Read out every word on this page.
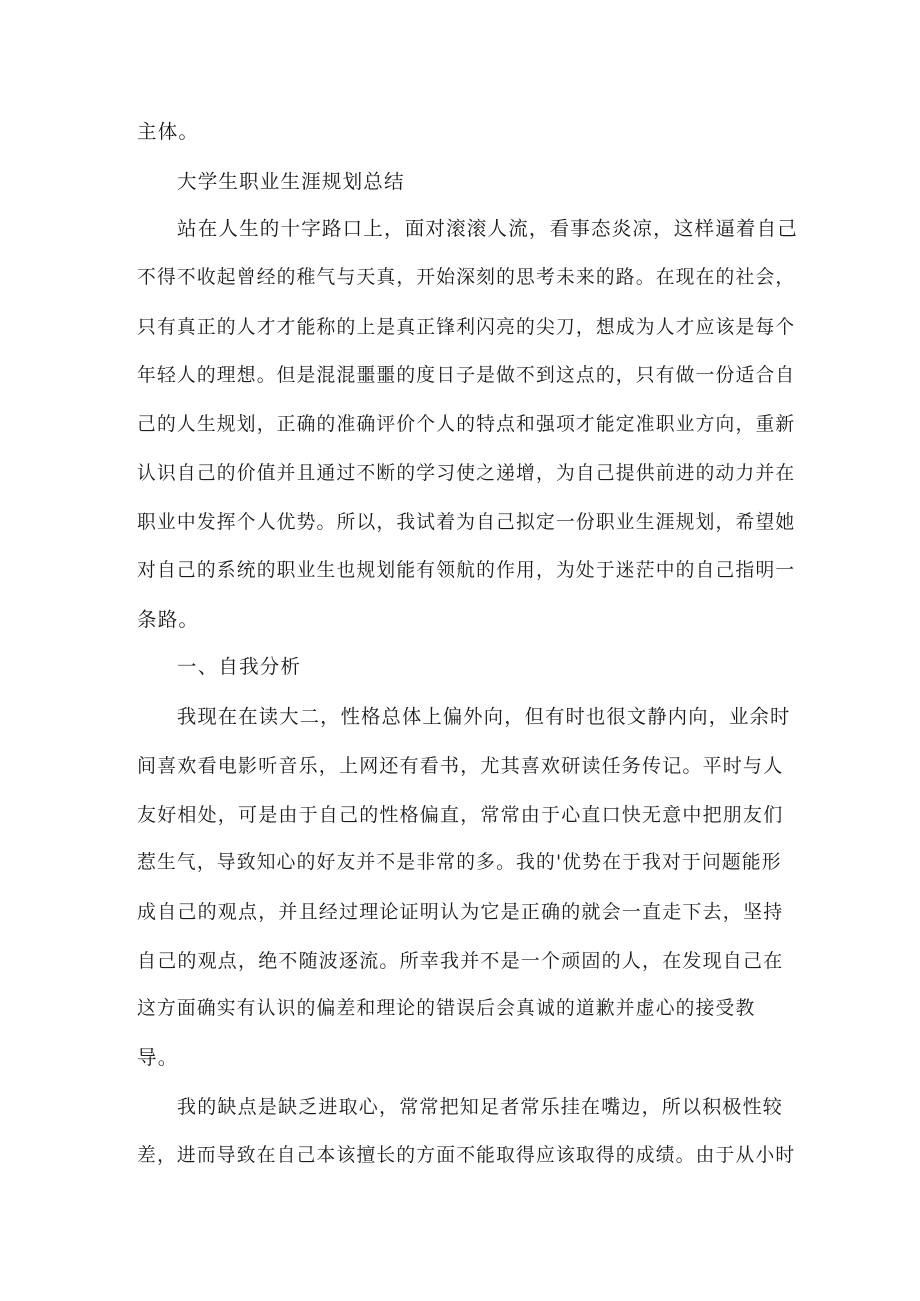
主体。
大学生职业生涯规划总结
站在人生的十字路口上，面对滚滚人流，看事态炎凉，这样逼着自己
不得不收起曾经的稚气与天真，开始深刻的思考未来的路。在现在的社会，
只有真正的人才才能称的上是真正锋利闪亮的尖刀，想成为人才应该是每个
年轻人的理想。但是混混噩噩的度日子是做不到这点的，只有做一份适合自
己的人生规划，正确的准确评价个人的特点和强项才能定准职业方向，重新
认识自己的价值并且通过不断的学习使之递增，为自己提供前进的动力并在
职业中发挥个人优势。所以，我试着为自己拟定一份职业生涯规划，希望她
对自己的系统的职业生也规划能有领航的作用，为处于迷茫中的自己指明一
条路。
一、自我分析
我现在在读大二，性格总体上偏外向，但有时也很文静内向，业余时
间喜欢看电影听音乐，上网还有看书，尤其喜欢研读任务传记。平时与人
友好相处，可是由于自己的性格偏直，常常由于心直口快无意中把朋友们
惹生气，导致知心的好友并不是非常的多。我的'优势在于我对于问题能形
成自己的观点，并且经过理论证明认为它是正确的就会一直走下去，坚持
自己的观点，绝不随波逐流。所幸我并不是一个顽固的人，在发现自己在
这方面确实有认识的偏差和理论的错误后会真诚的道歉并虚心的接受教
导。
我的缺点是缺乏进取心，常常把知足者常乐挂在嘴边，所以积极性较
差，进而导致在自己本该擅长的方面不能取得应该取得的成绩。由于从小时
